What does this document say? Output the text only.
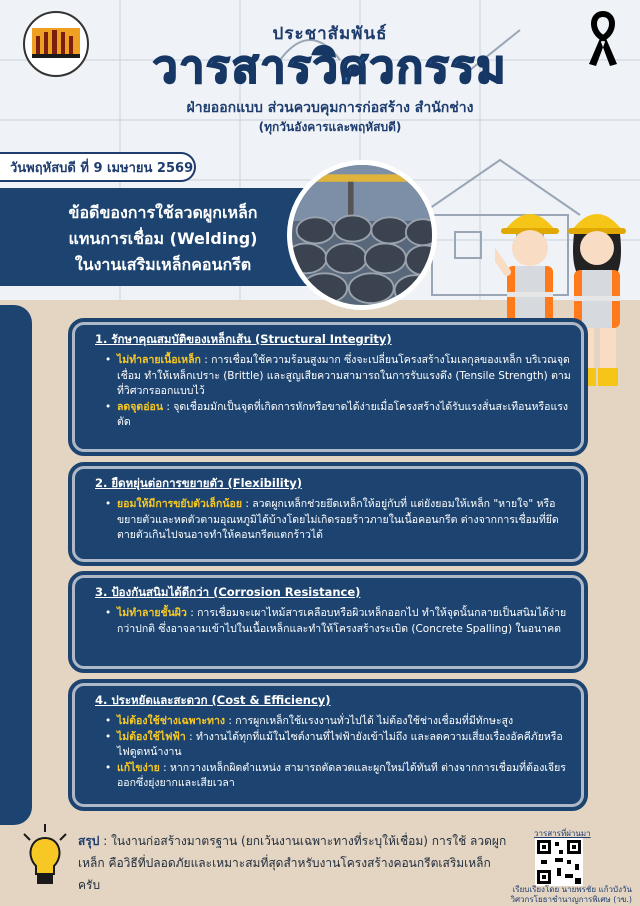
ประชาสัมพันธ์
วารสารวิศวกรรม
ฝ่ายออกแบบ ส่วนควบคุมการก่อสร้าง สำนักช่าง
(ทุกวันอังคารและพฤหัสบดี)
วันพฤหัสบดี ที่ 9 เมษายน 2569
ข้อดีของการใช้ลวดผูกเหล็ก
แทนการเชื่อม (Welding)
ในงานเสริมเหล็กคอนกรีต
1. รักษาคุณสมบัติของเหล็กเส้น (Structural Integrity)
• ไม่ทำลายเนื้อเหล็ก : การเชื่อมใช้ความร้อนสูงมาก ซึ่งจะเปลี่ยนโครงสร้างโมเลกุลของเหล็ก บริเวณจุดเชื่อม ทำให้เหล็กเปราะ (Brittle) และสูญเสียความสามารถในการรับแรงดึง (Tensile Strength) ตามที่วิศวกรออกแบบไว้
• ลดจุดอ่อน : จุดเชื่อมมักเป็นจุดที่เกิดการหักหรือขาดได้ง่ายเมื่อโครงสร้างได้รับแรงสั่นสะเทือนหรือแรงตัด
2. ยืดหยุ่นต่อการขยายตัว (Flexibility)
• ยอมให้มีการขยับตัวเล็กน้อย : ลวดผูกเหล็กช่วยยึดเหล็กให้อยู่กับที่ แต่ยังยอมให้เหล็ก "หายใจ" หรือขยายตัวและหดตัวตามอุณหภูมิได้บ้างโดยไม่เกิดรอยร้าวภายในเนื้อคอนกรีต ต่างจากการเชื่อมที่ยึดตายตัวเกินไปจนอาจทำให้คอนกรีตแตกร้าวได้
3. ป้องกันสนิมได้ดีกว่า (Corrosion Resistance)
• ไม่ทำลายชั้นผิว : การเชื่อมจะเผาไหม้สารเคลือบหรือผิวเหล็กออกไป ทำให้จุดนั้นกลายเป็นสนิมได้ง่ายกว่าปกติ ซึ่งอาจลามเข้าไปในเนื้อเหล็กและทำให้โครงสร้างระเบิด (Concrete Spalling) ในอนาคต
4. ประหยัดและสะดวก (Cost & Efficiency)
• ไม่ต้องใช้ช่างเฉพาะทาง : การผูกเหล็กใช้แรงงานทั่วไปได้ ไม่ต้องใช้ช่างเชื่อมที่มีทักษะสูง
• ไม่ต้องใช้ไฟฟ้า : ทำงานได้ทุกที่แม้ในไซต์งานที่ไฟฟ้ายังเข้าไม่ถึง และลดความเสี่ยงเรื่องอัคคีภัยหรือไฟดูดหน้างาน
• แก้ไขง่าย : หากวางเหล็กผิดตำแหน่ง สามารถตัดลวดและผูกใหม่ได้ทันที ต่างจากการเชื่อมที่ต้องเจียรออกซึ่งยุ่งยากและเสียเวลา
สรุป : ในงานก่อสร้างมาตรฐาน (ยกเว้นงานเฉพาะทางที่ระบุให้เชื่อม) การใช้ ลวดผูกเหล็ก คือวิธีที่ปลอดภัยและเหมาะสมที่สุดสำหรับงานโครงสร้างคอนกรีตเสริมเหล็กครับ
วารสารที่ผ่านมา
เรียบเรียงโดย นายพรชัย แก้วบังวัน
วิศวกรโยธาชำนาญการพิเศษ (วข.)
